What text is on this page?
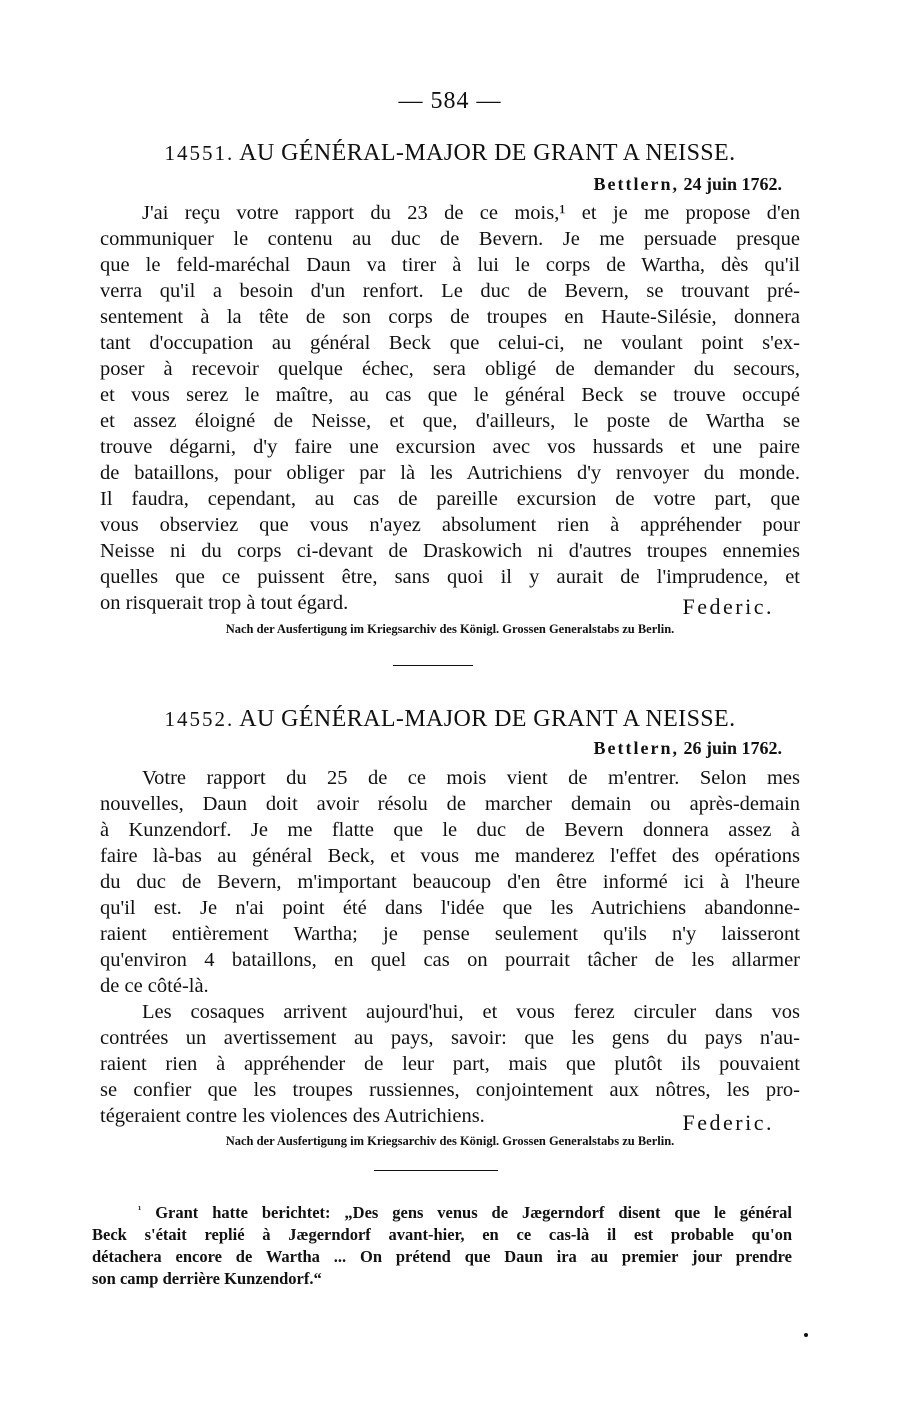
— 584 —
14551. AU GÉNÉRAL-MAJOR DE GRANT A NEISSE.
Bettlern, 24 juin 1762.
J'ai reçu votre rapport du 23 de ce mois,¹ et je me propose d'en
communiquer le contenu au duc de Bevern. Je me persuade presque
que le feld-maréchal Daun va tirer à lui le corps de Wartha, dès qu'il
verra qu'il a besoin d'un renfort. Le duc de Bevern, se trouvant pré-
sentement à la tête de son corps de troupes en Haute-Silésie, donnera
tant d'occupation au général Beck que celui-ci, ne voulant point s'ex-
poser à recevoir quelque échec, sera obligé de demander du secours,
et vous serez le maître, au cas que le général Beck se trouve occupé
et assez éloigné de Neisse, et que, d'ailleurs, le poste de Wartha se
trouve dégarni, d'y faire une excursion avec vos hussards et une paire
de bataillons, pour obliger par là les Autrichiens d'y renvoyer du monde.
Il faudra, cependant, au cas de pareille excursion de votre part, que
vous observiez que vous n'ayez absolument rien à appréhender pour
Neisse ni du corps ci-devant de Draskowich ni d'autres troupes ennemies
quelles que ce puissent être, sans quoi il y aurait de l'imprudence, et
on risquerait trop à tout égard.	Federic.
Nach der Ausfertigung im Kriegsarchiv des Königl. Grossen Generalstabs zu Berlin.
14552. AU GÉNÉRAL-MAJOR DE GRANT A NEISSE.
Bettlern, 26 juin 1762.
Votre rapport du 25 de ce mois vient de m'entrer. Selon mes
nouvelles, Daun doit avoir résolu de marcher demain ou après-demain
à Kunzendorf. Je me flatte que le duc de Bevern donnera assez à
faire là-bas au général Beck, et vous me manderez l'effet des opérations
du duc de Bevern, m'important beaucoup d'en être informé ici à l'heure
qu'il est. Je n'ai point été dans l'idée que les Autrichiens abandonne-
raient entièrement Wartha; je pense seulement qu'ils n'y laisseront
qu'environ 4 bataillons, en quel cas on pourrait tâcher de les allarmer
de ce côté-là.
Les cosaques arrivent aujourd'hui, et vous ferez circuler dans vos
contrées un avertissement au pays, savoir: que les gens du pays n'au-
raient rien à appréhender de leur part, mais que plutôt ils pouvaient
se confier que les troupes russiennes, conjointement aux nôtres, les pro-
tégeraient contre les violences des Autrichiens.	Federic.
Nach der Ausfertigung im Kriegsarchiv des Königl. Grossen Generalstabs zu Berlin.
$^{^1}$ Grant hatte berichtet: „Des gens venus de Jægerndorf disent que le général
Beck s'était replié à Jægerndorf avant-hier, en ce cas-là il est probable qu'on
détachera encore de Wartha ... On prétend que Daun ira au premier jour prendre
son camp derrière Kunzendorf.“
